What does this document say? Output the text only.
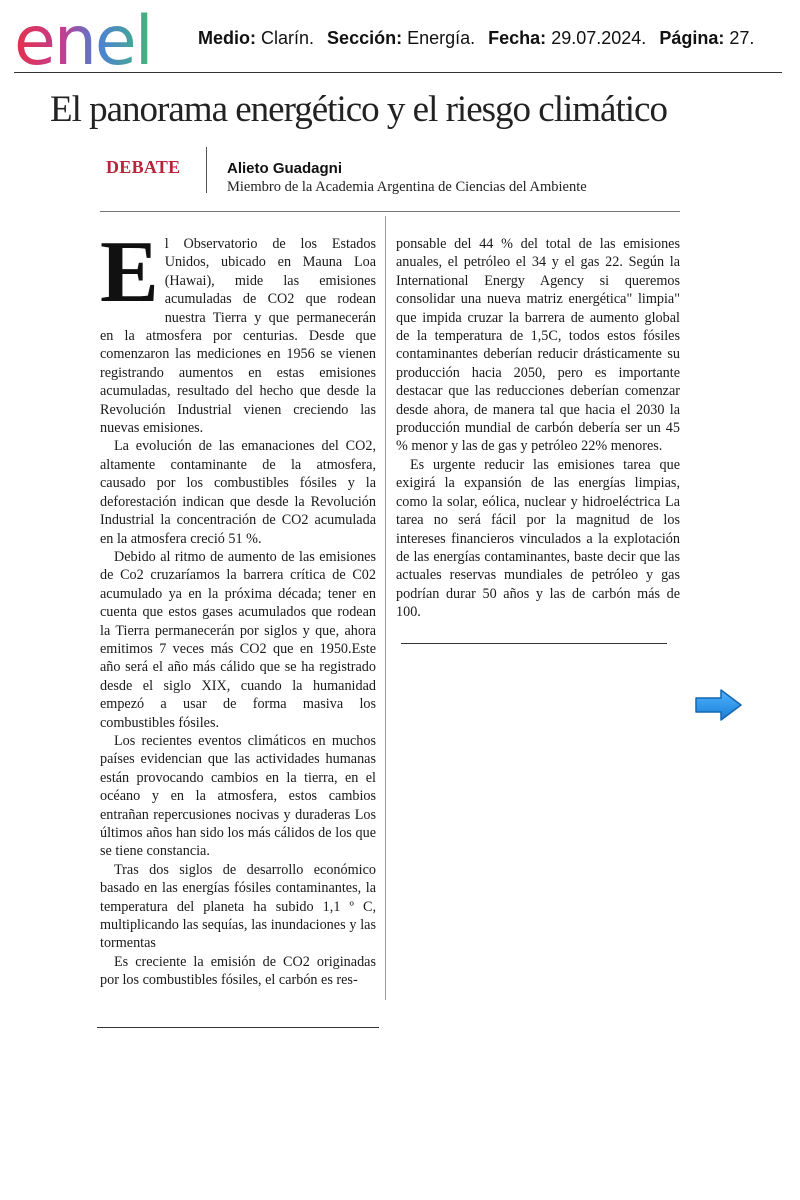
enel	Medio: Clarín. Sección: Energía. Fecha: 29.07.2024. Página: 27.
El panorama energético y el riesgo climático
DEBATE	Alieto Guadagni
Miembro de la Academia Argentina de Ciencias del Ambiente

El Observatorio de los Estados Unidos, ubicado en Mauna Loa (Hawai), mide las emisiones acumuladas de CO2 que rodean nuestra Tierra y que permanecerán en la atmosfera por centurias. Desde que comenzaron las mediciones en 1956 se vienen registrando aumentos en estas emisiones acumuladas, resultado del hecho que desde la Revolución Industrial vienen creciendo las nuevas emisiones.

La evolución de las emanaciones del CO2, altamente contaminante de la atmosfera, causado por los combustibles fósiles y la deforestación indican que desde la Revolución Industrial la concentración de CO2 acumulada en la atmosfera creció 51 %.

Debido al ritmo de aumento de las emisiones de Co2 cruzaríamos la barrera crítica de C02 acumulado ya en la próxima década; tener en cuenta que estos gases acumulados que rodean la Tierra permanecerán por siglos y que, ahora emitimos 7 veces más CO2 que en 1950.Este año será el año más cálido que se ha registrado desde el siglo XIX, cuando la humanidad empezó a usar de forma masiva los combustibles fósiles.

Los recientes eventos climáticos en muchos países evidencian que las actividades humanas están provocando cambios en la tierra, en el océano y en la atmosfera, estos cambios entrañan repercusiones nocivas y duraderas Los últimos años han sido los más cálidos de los que se tiene constancia.

Tras dos siglos de desarrollo económico basado en las energías fósiles contaminantes, la temperatura del planeta ha subido 1,1 º C, multiplicando las sequías, las inundaciones y las tormentas

Es creciente la emisión de CO2 originadas por los combustibles fósiles, el carbón es res-

ponsable del 44 % del total de las emisiones anuales, el petróleo el 34 y el gas 22. Según la International Energy Agency si queremos consolidar una nueva matriz energética" limpia" que impida cruzar la barrera de aumento global de la temperatura de 1,5C, todos estos fósiles contaminantes deberían reducir drásticamente su producción hacia 2050, pero es importante destacar que las reducciones deberían comenzar desde ahora, de manera tal que hacia el 2030 la producción mundial de carbón debería ser un 45 % menor y las de gas y petróleo 22% menores.

Es urgente reducir las emisiones tarea que exigirá la expansión de las energías limpias, como la solar, eólica, nuclear y hidroeléctrica La tarea no será fácil por la magnitud de los intereses financieros vinculados a la explotación de las energías contaminantes, baste decir que las actuales reservas mundiales de petróleo y gas podrían durar 50 años y las de carbón más de 100.
